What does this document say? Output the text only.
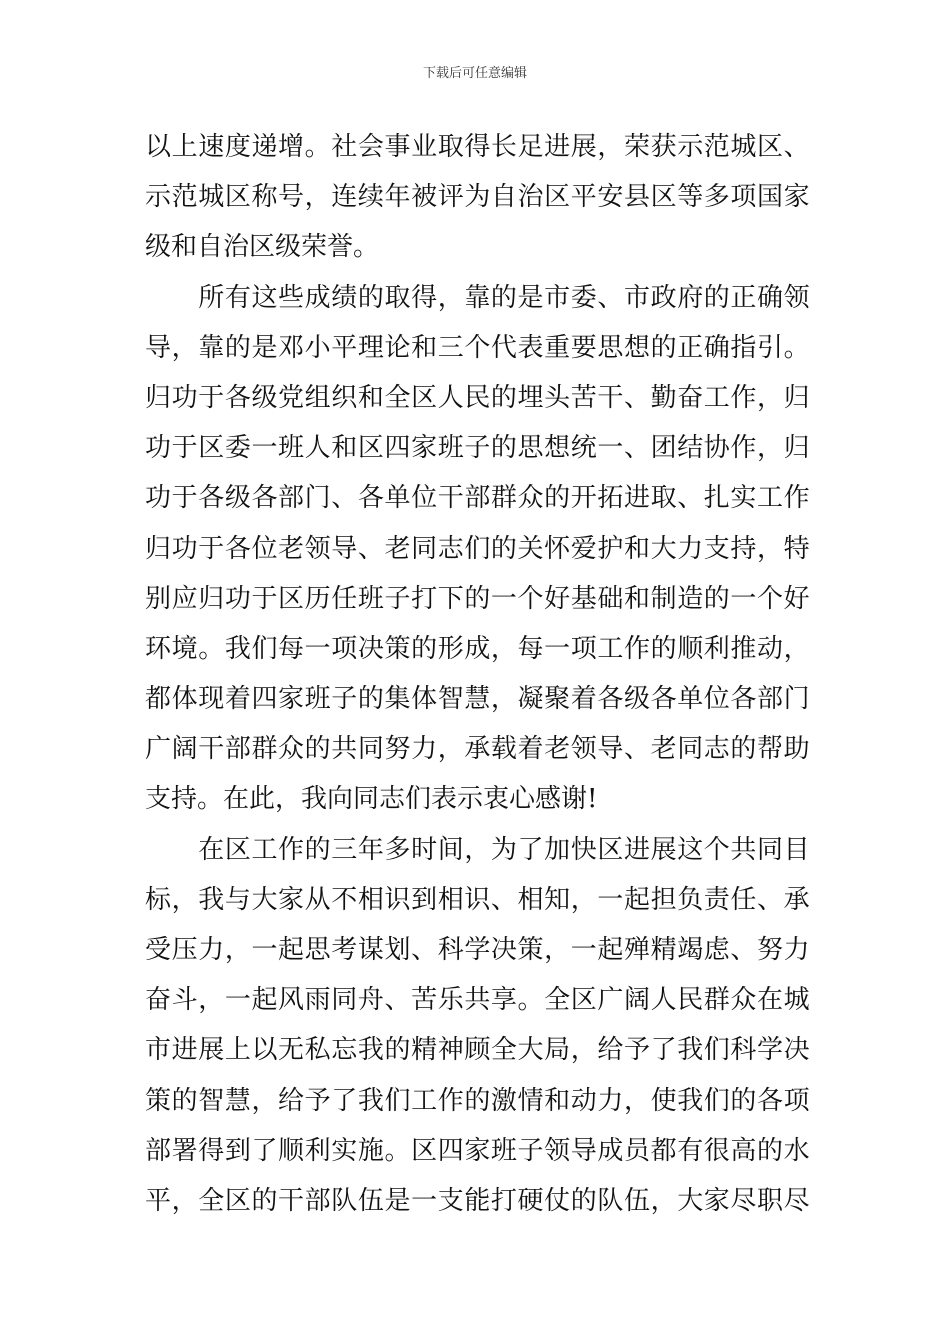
下载后可任意编辑
以 上 速 度 递 增 。 社 会 事 业 取 得 长 足 进 展 ， 荣 获 示 范 城 区 、
示 范 城 区 称 号 ， 连 续 年 被 评 为 自 治 区 平 安 县 区 等 多 项 国 家
级和自治区级荣誉。

所 有 这 些 成 绩 的 取 得 ， 靠 的 是 市 委 、 市 政 府 的 正 确 领
导 ， 靠 的 是 邓 小 平 理 论 和 三 个 代 表 重 要 思 想 的 正 确 指 引 。
归 功 于 各 级 党 组 织 和 全 区 人 民 的 埋 头 苦 干 、 勤 奋 工 作 ， 归
功 于 区 委 一 班 人 和 区 四 家 班 子 的 思 想 统 一 、 团 结 协 作 ， 归
功 于 各 级 各 部 门 、 各 单 位 干 部 群 众 的 开 拓 进 取 、 扎 实 工 作
归 功 于 各 位 老 领 导 、 老 同 志 们 的 关 怀 爱 护 和 大 力 支 持 ， 特
别 应 归 功 于 区 历 任 班 子 打 下 的 一 个 好 基 础 和 制 造 的 一 个 好
环 境 。 我 们 每 一 项 决 策 的 形 成 ， 每 一 项 工 作 的 顺 利 推 动 ，
都 体 现 着 四 家 班 子 的 集 体 智 慧 ， 凝 聚 着 各 级 各 单 位 各 部 门
广 阔 干 部 群 众 的 共 同 努 力 ， 承 载 着 老 领 导 、 老 同 志 的 帮 助
支持。在此，我向同志们表示衷心感谢!

在 区 工 作 的 三 年 多 时 间 ， 为 了 加 快 区 进 展 这 个 共 同 目
标 ， 我 与 大 家 从 不 相 识 到 相 识 、 相 知 ， 一 起 担 负 责 任 、 承
受 压 力 ， 一 起 思 考 谋 划 、 科 学 决 策 ， 一 起 殚 精 竭 虑 、 努 力
奋 斗 ， 一 起 风 雨 同 舟 、 苦 乐 共 享 。 全 区 广 阔 人 民 群 众 在 城
市 进 展 上 以 无 私 忘 我 的 精 神 顾 全 大 局 ， 给 予 了 我 们 科 学 决
策 的 智 慧 ， 给 予 了 我 们 工 作 的 激 情 和 动 力 ， 使 我 们 的 各 项
部 署 得 到 了 顺 利 实 施 。 区 四 家 班 子 领 导 成 员 都 有 很 高 的 水
平 ， 全 区 的 干 部 队 伍 是 一 支 能 打 硬 仗 的 队 伍 ， 大 家 尽 职 尽
